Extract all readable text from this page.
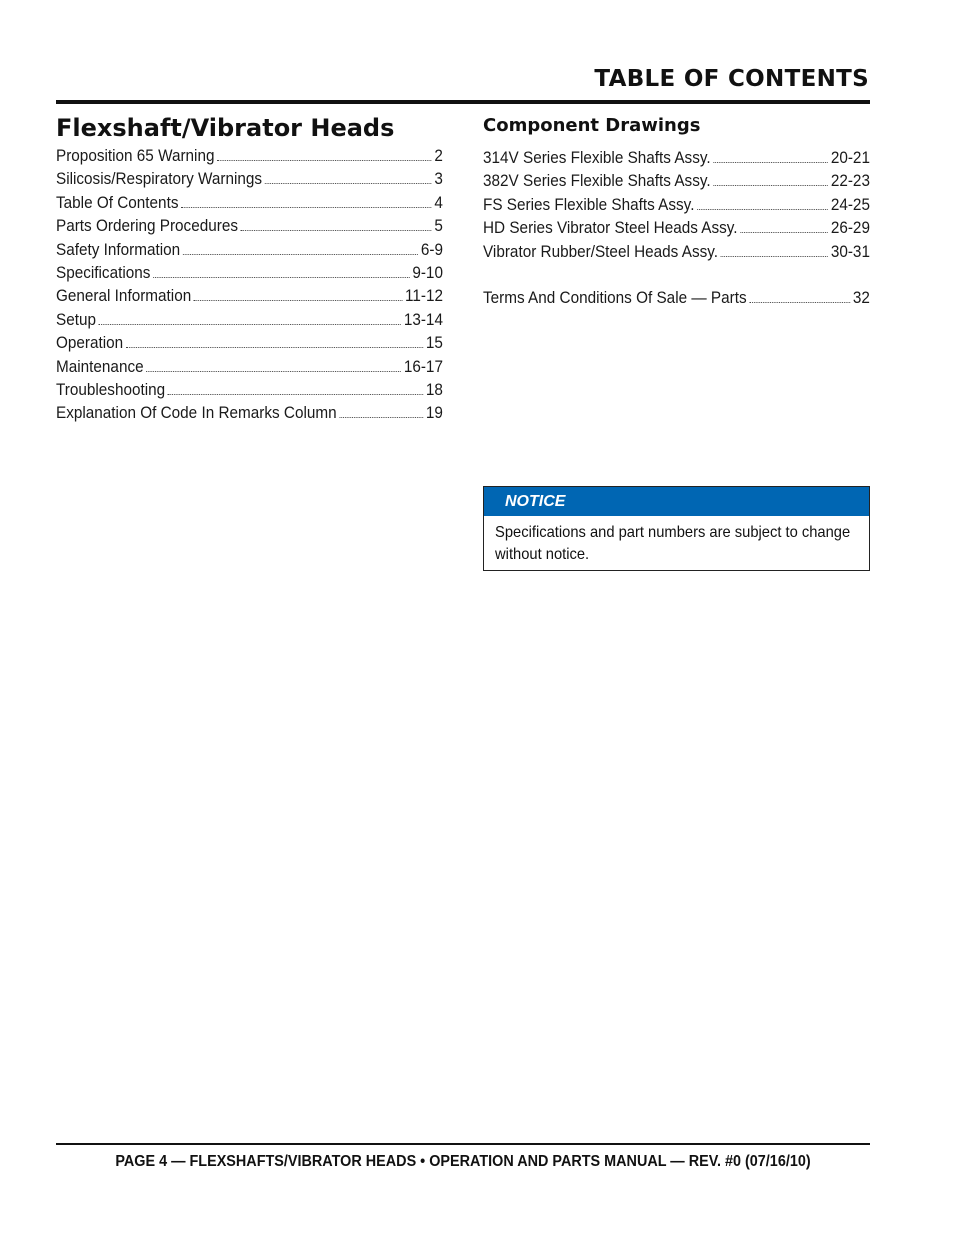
TABLE OF CONTENTS
Flexshaft/Vibrator Heads
Proposition 65 Warning	2
Silicosis/Respiratory Warnings	3
Table Of Contents	4
Parts Ordering Procedures	5
Safety Information	6-9
Specifications	9-10
General Information	11-12
Setup	13-14
Operation	15
Maintenance	16-17
Troubleshooting	18
Explanation Of Code In Remarks Column	19
Component Drawings
314V Series Flexible Shafts Assy.	20-21
382V Series Flexible Shafts Assy.	22-23
FS Series Flexible Shafts Assy.	24-25
HD Series Vibrator Steel Heads Assy.	26-29
Vibrator Rubber/Steel Heads Assy.	30-31
Terms And Conditions Of Sale — Parts	32
NOTICE
Specifications and part numbers are subject to change without notice.
PAGE 4 — FLEXSHAFTS/VIBRATOR HEADS • OPERATION AND PARTS MANUAL — REV. #0 (07/16/10)
